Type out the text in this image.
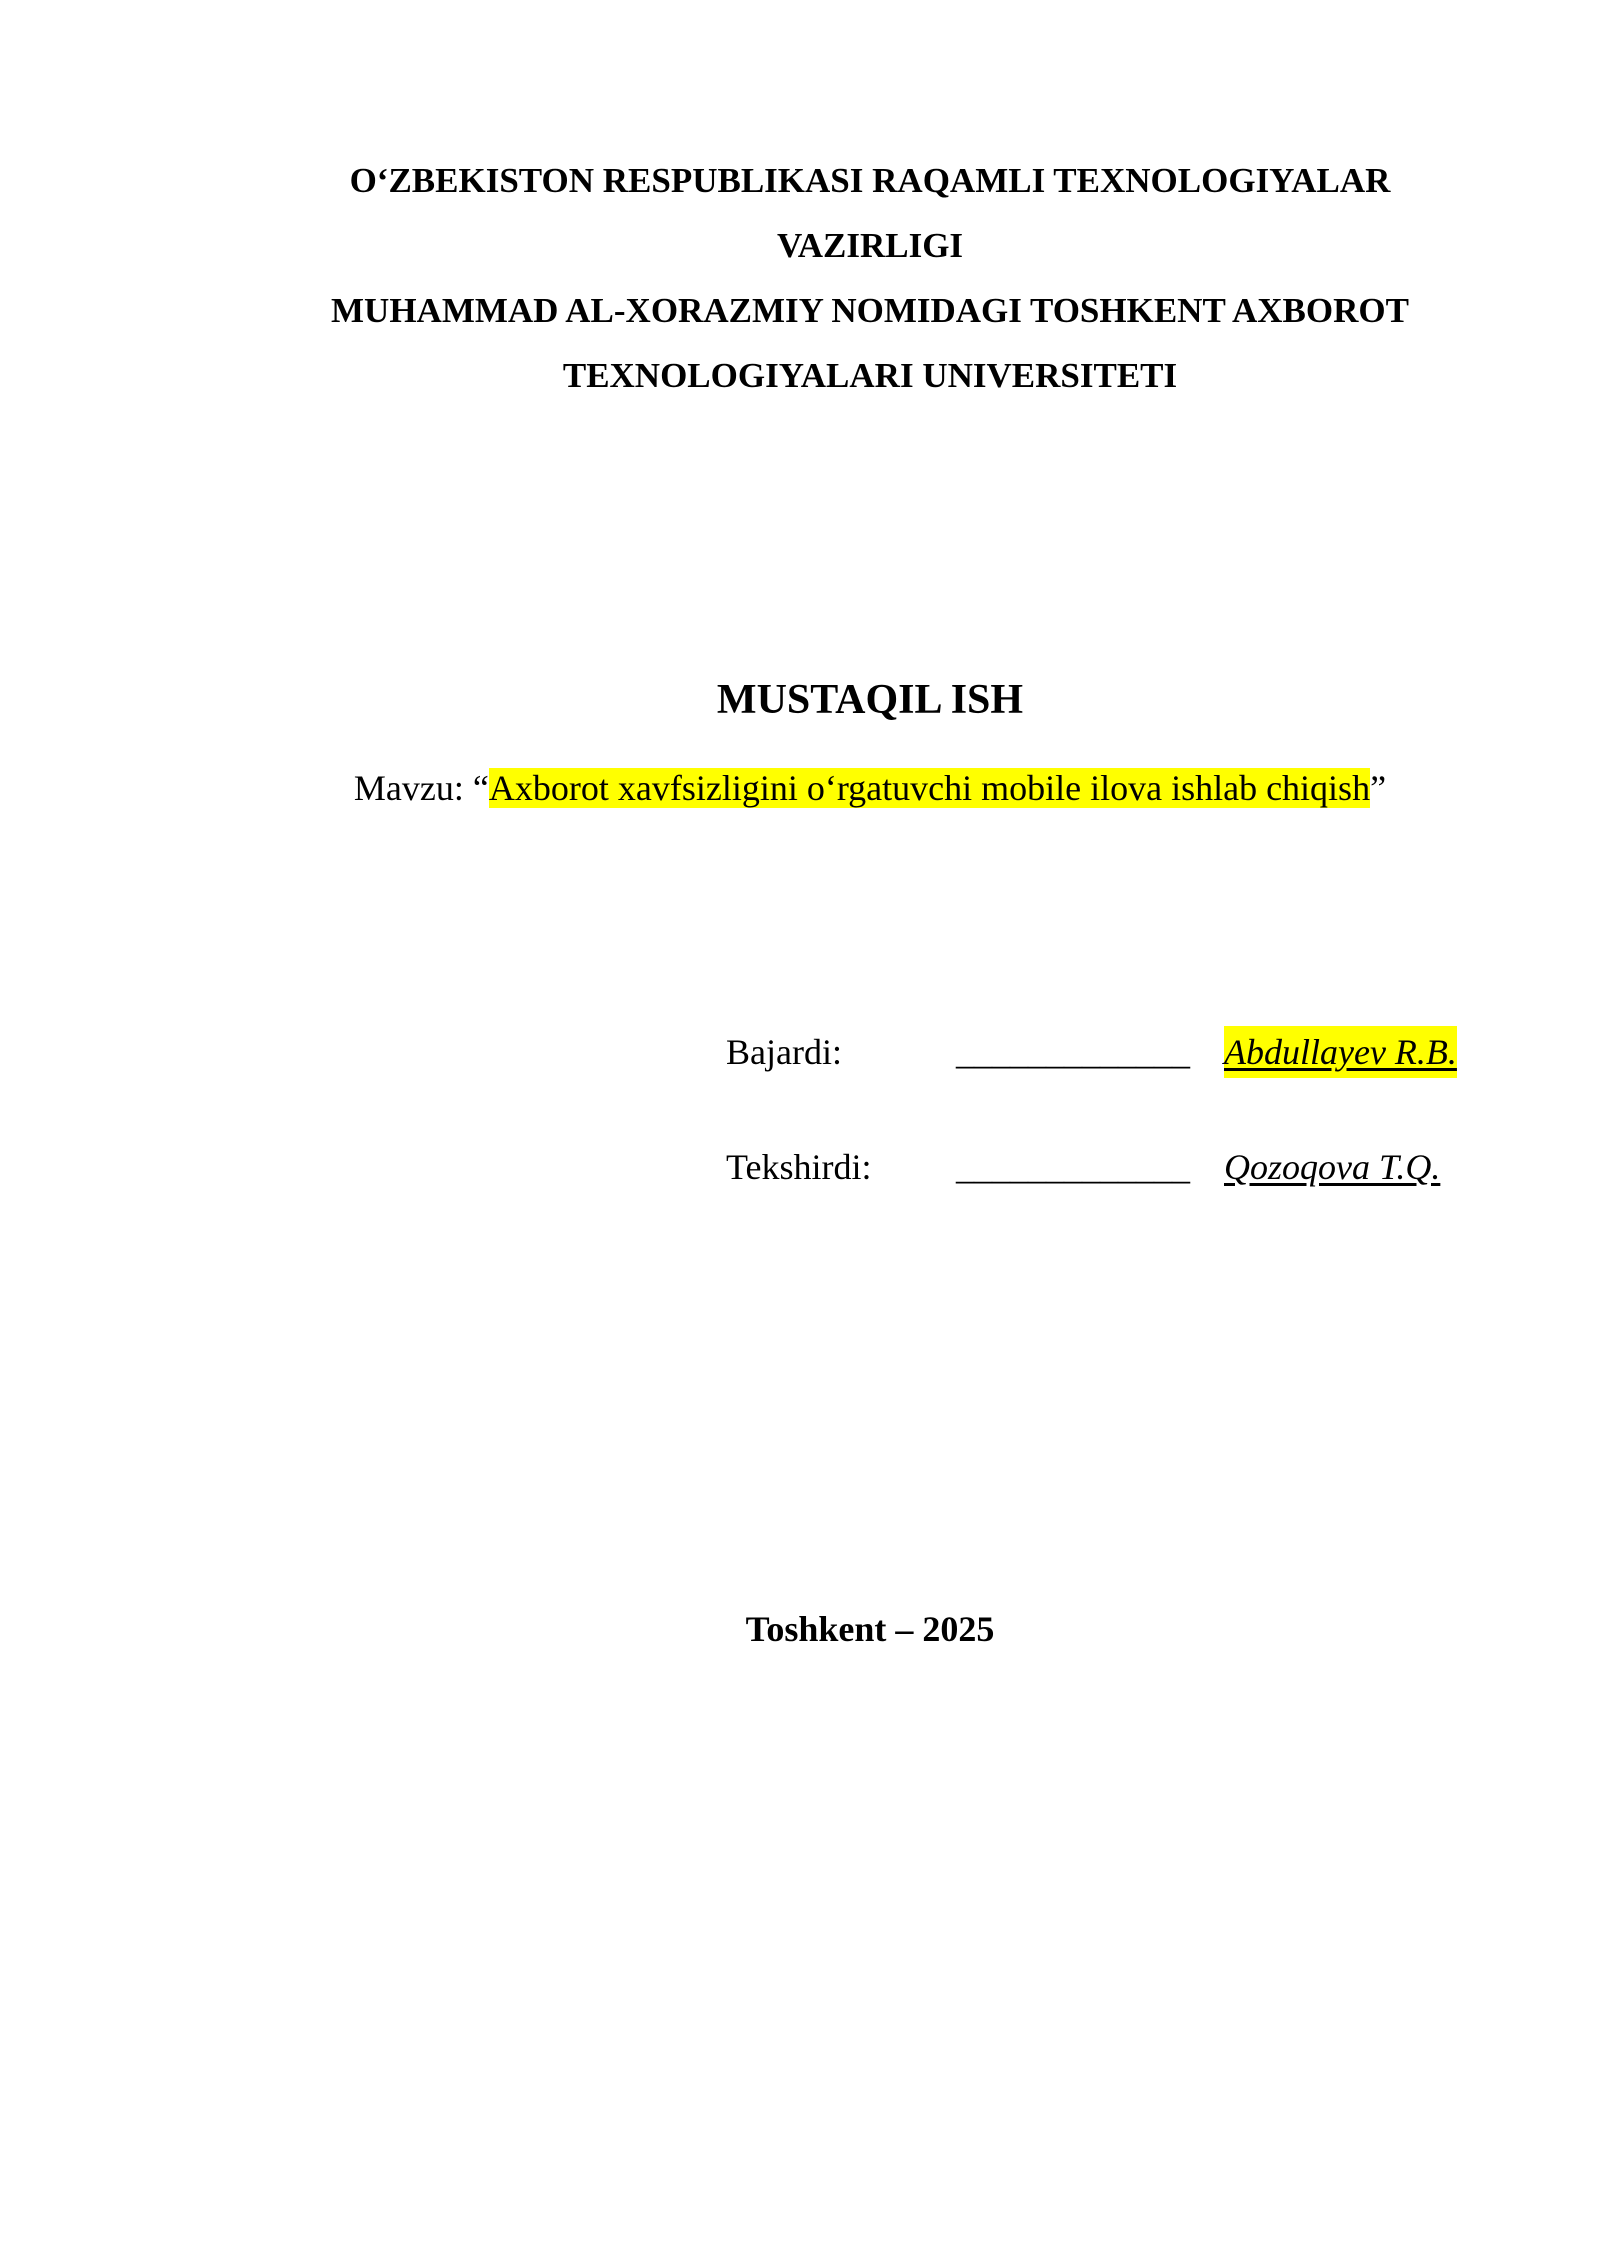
O‘ZBEKISTON RESPUBLIKASI RAQAMLI TEXNOLOGIYALAR
VAZIRLIGI
MUHAMMAD AL-XORAZMIY NOMIDAGI TOSHKENT AXBOROT
TEXNOLOGIYALARI UNIVERSITETI
MUSTAQIL ISH
Mavzu: “Axborot xavfsizligini o‘rgatuvchi mobile ilova ishlab chiqish”
Bajardi:	_____________ Abdullayev R.B.
Tekshirdi: _____________ Qozoqova T.Q.
Toshkent – 2025
